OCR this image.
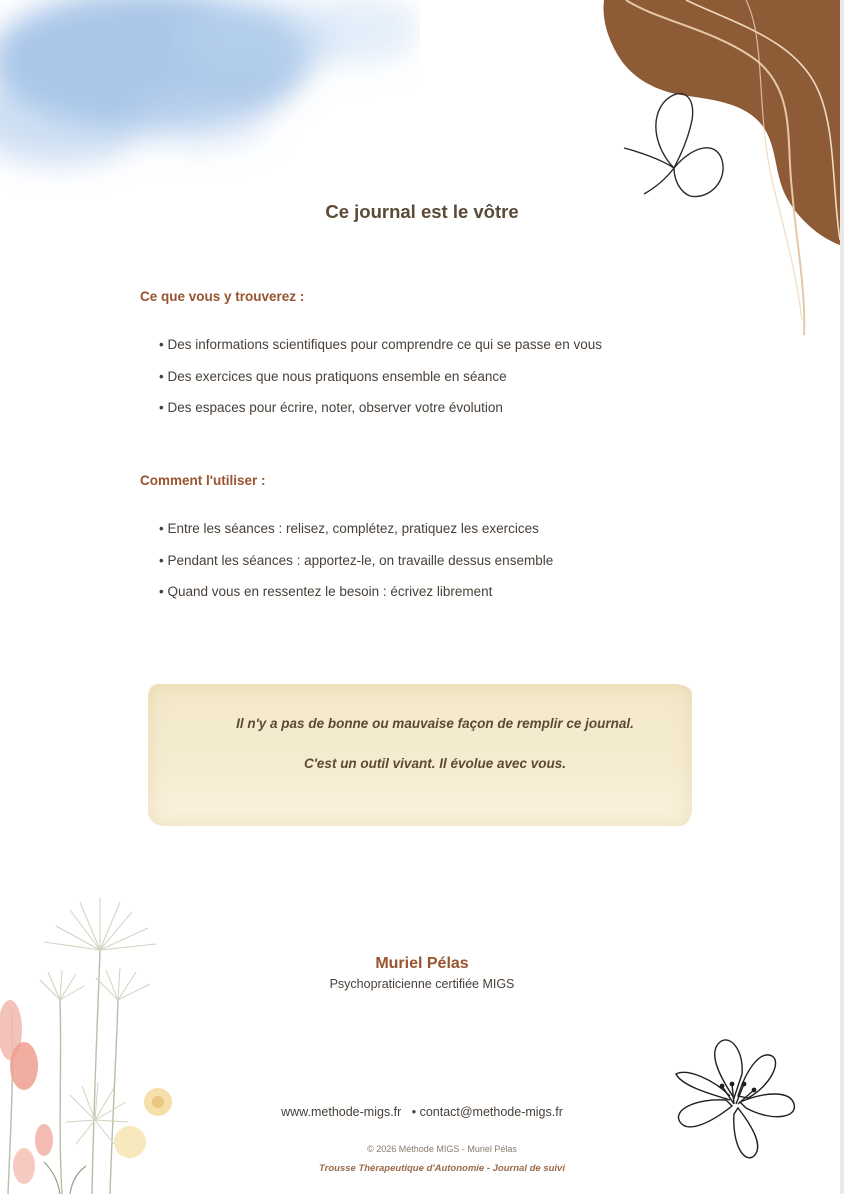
Ce journal est le vôtre
Ce que vous y trouverez :
• Des informations scientifiques pour comprendre ce qui se passe en vous
• Des exercices que nous pratiquons ensemble en séance
• Des espaces pour écrire, noter, observer votre évolution
Comment l'utiliser :
• Entre les séances : relisez, complétez, pratiquez les exercices
• Pendant les séances : apportez-le, on travaille dessus ensemble
• Quand vous en ressentez le besoin : écrivez librement

Il n'y a pas de bonne ou mauvaise façon de remplir ce journal.

C'est un outil vivant. Il évolue avec vous.

Muriel Pélas

Psychopraticienne certifiée MIGS

www.methode-migs.fr   • contact@methode-migs.fr

© 2026 Méthode MIGS - Muriel Pélas

Trousse Thérapeutique d'Autonomie - Journal de suivi
